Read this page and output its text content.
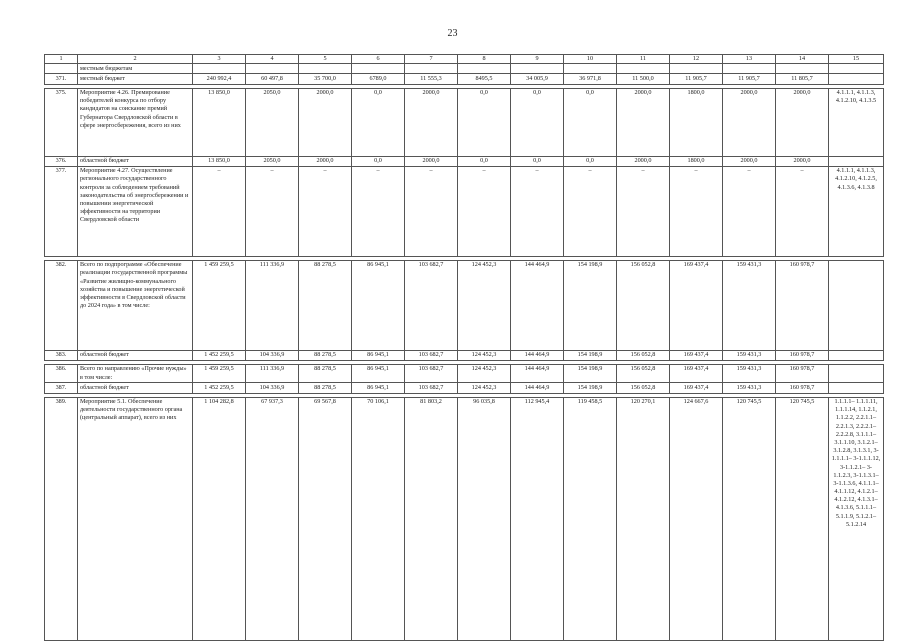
23
1	2	3	4	5	6	7	8	9	10	11	12	13	14	15
	местным бюджетам													
371.	местный бюджет	240 992,4	60 497,8	35 700,0	6789,0	11 555,3	8495,5	34 005,9	36 971,8	11 500,0	11 905,7	11 905,7	11 805,7	

375.	Мероприятие 4.26. Премирование победителей конкурса по отбору кандидатов на соискание премий Губернатора Свердловской области в сфере энергосбережения, всего из них	13 850,0	2050,0	2000,0	0,0	2000,0	0,0	0,0	0,0	2000,0	1800,0	2000,0	2000,0	4.1.1.1, 4.1.1.3, 4.1.2.10, 4.1.3.5
376.	областной бюджет	13 850,0	2050,0	2000,0	0,0	2000,0	0,0	0,0	0,0	2000,0	1800,0	2000,0	2000,0	
377.	Мероприятие 4.27. Осуществление регионального государственного контроля за соблюдением требований законодательства об энергосбережении и повышении энергетической эффективности на территории Свердловской области	–	–	–	–	–	–	–	–	–	–	–	–	4.1.1.1, 4.1.1.3, 4.1.2.10, 4.1.2.5, 4.1.3.6, 4.1.3.8

382.	Всего по подпрограмме «Обеспечение реализации государственной программы «Развитие жилищно-коммунального хозяйства и повышение энергетической эффективности в Свердловской области до 2024 года» в том числе:	1 459 259,5	111 336,9	88 278,5	86 945,1	103 682,7	124 452,3	144 464,9	154 198,9	156 052,8	169 437,4	159 431,3	160 978,7	
383.	областной бюджет	1 452 259,5	104 336,9	88 278,5	86 945,1	103 682,7	124 452,3	144 464,9	154 198,9	156 052,8	169 437,4	159 431,3	160 978,7	

386.	Всего по направлению «Прочие нужды» в том числе:	1 459 259,5	111 336,9	88 278,5	86 945,1	103 682,7	124 452,3	144 464,9	154 198,9	156 052,8	169 437,4	159 431,3	160 978,7	
387.	областной бюджет	1 452 259,5	104 336,9	88 278,5	86 945,1	103 682,7	124 452,3	144 464,9	154 198,9	156 052,8	169 437,4	159 431,3	160 978,7	

389.	Мероприятие 5.1. Обеспечение деятельности государственного органа (центральный аппарат), всего из них	1 104 282,8	67 937,3	69 567,8	70 106,1	81 803,2	96 035,8	112 945,4	119 458,5	120 270,1	124 667,6	120 745,5	120 745,5	1.1.1.1– 1.1.1.11, 1.1.1.14, 1.1.2.1, 1.1.2.2, 2.2.1.1–2.2.1.3, 2.2.2.1–2.2.2.8, 3.1.1.1– 3.1.1.10, 3.1.2.1–3.1.2.8, 3.1.3.1, 3-1.1.1.1– 3-1.1.1.12, 3-1.1.2.1– 3-1.1.2.3, 3-1.1.3.1– 3-1.1.3.6, 4.1.1.1– 4.1.1.12, 4.1.2.1– 4.1.2.12, 4.1.3.1–4.1.3.6, 5.1.1.1–5.1.1.9, 5.1.2.1– 5.1.2.14
